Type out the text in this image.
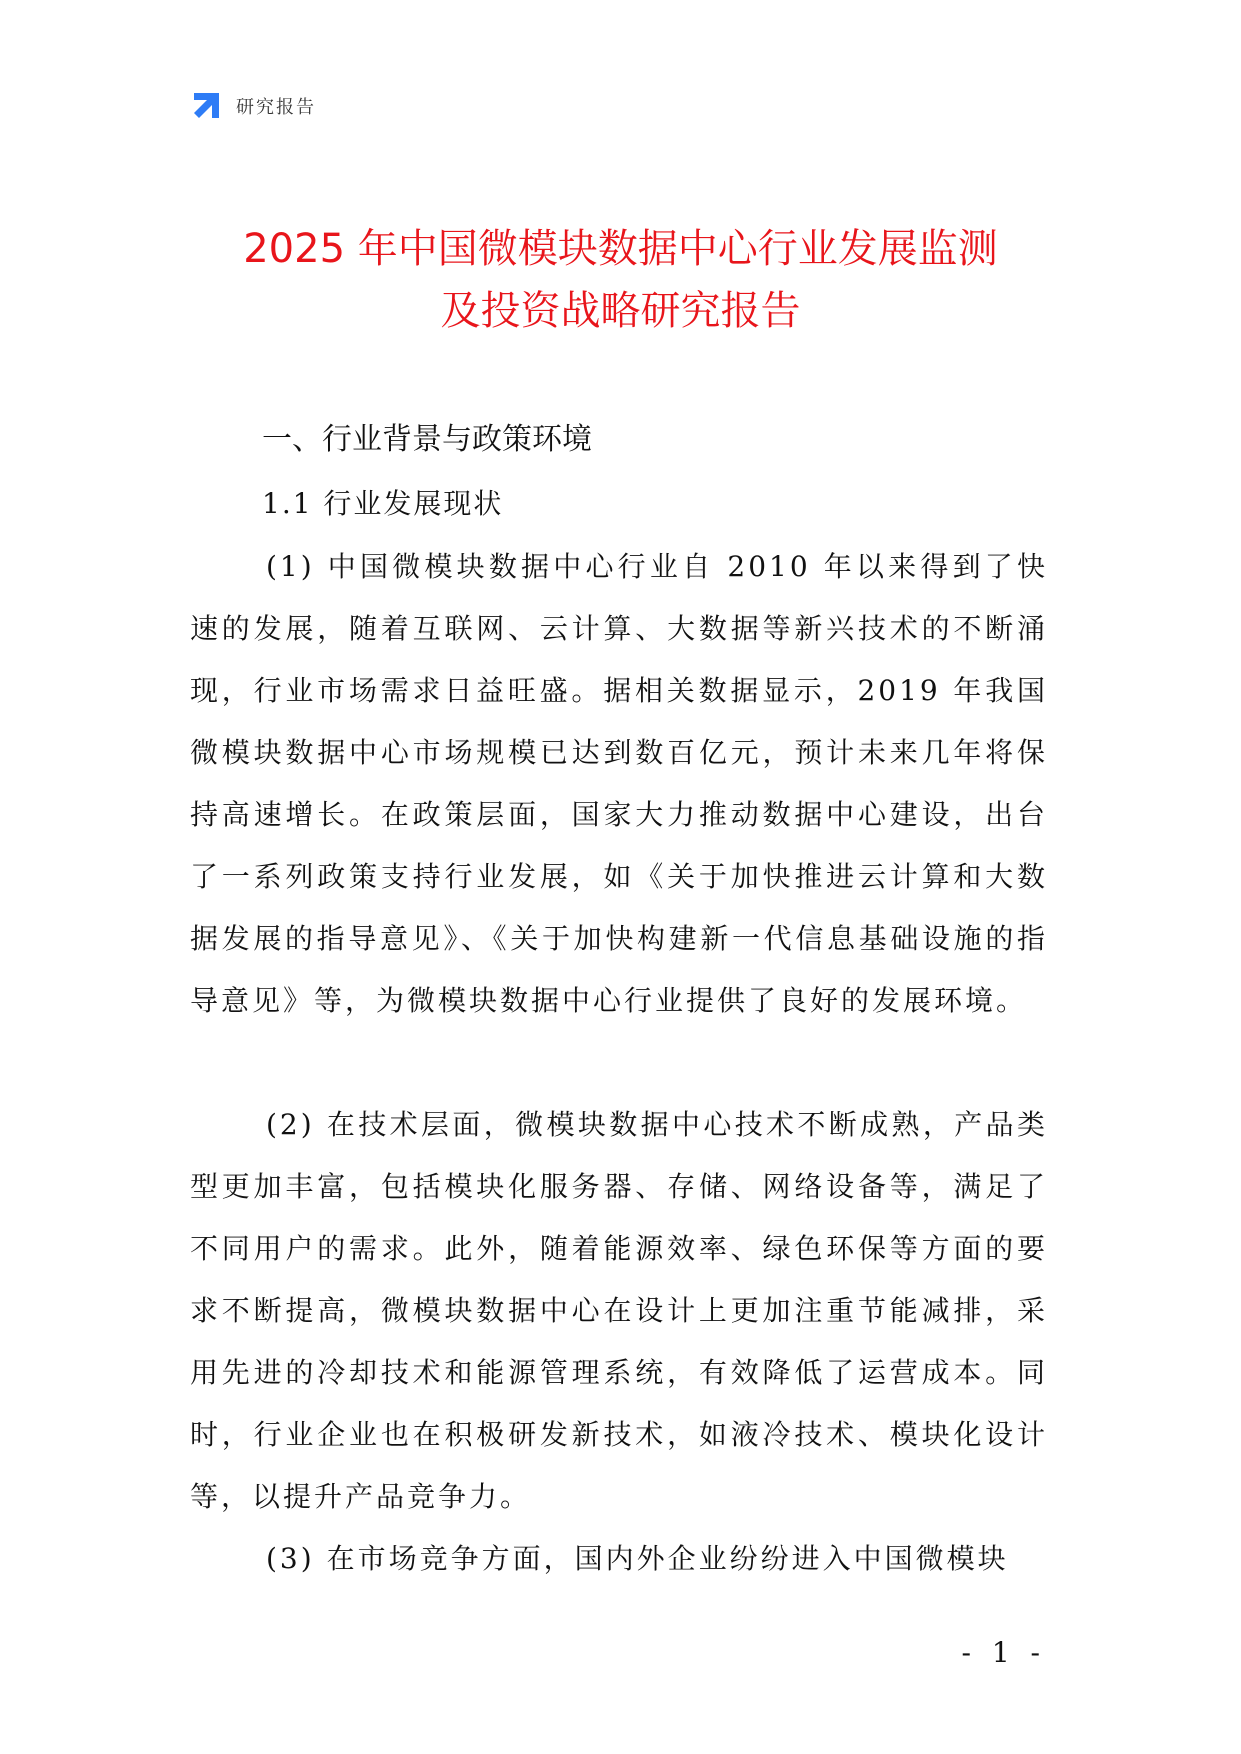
研究报告
2025 年中国微模块数据中心行业发展监测
及投资战略研究报告
一、行业背景与政策环境
1.1 行业发展现状

(1) 中国微模块数据中心行业自 2010 年以来得到了快速的发展，随着互联网、云计算、大数据等新兴技术的不断涌现，行业市场需求日益旺盛。据相关数据显示，2019 年我国微模块数据中心市场规模已达到数百亿元，预计未来几年将保持高速增长。在政策层面，国家大力推动数据中心建设，出台了一系列政策支持行业发展，如《关于加快推进云计算和大数据发展的指导意见》、《关于加快构建新一代信息基础设施的指导意见》等，为微模块数据中心行业提供了良好的发展环境。

(2) 在技术层面，微模块数据中心技术不断成熟，产品类型更加丰富，包括模块化服务器、存储、网络设备等，满足了不同用户的需求。此外，随着能源效率、绿色环保等方面的要求不断提高，微模块数据中心在设计上更加注重节能减排，采用先进的冷却技术和能源管理系统，有效降低了运营成本。同时，行业企业也在积极研发新技术，如液冷技术、模块化设计等，以提升产品竞争力。

(3) 在市场竞争方面，国内外企业纷纷进入中国微模块

- 1 -
